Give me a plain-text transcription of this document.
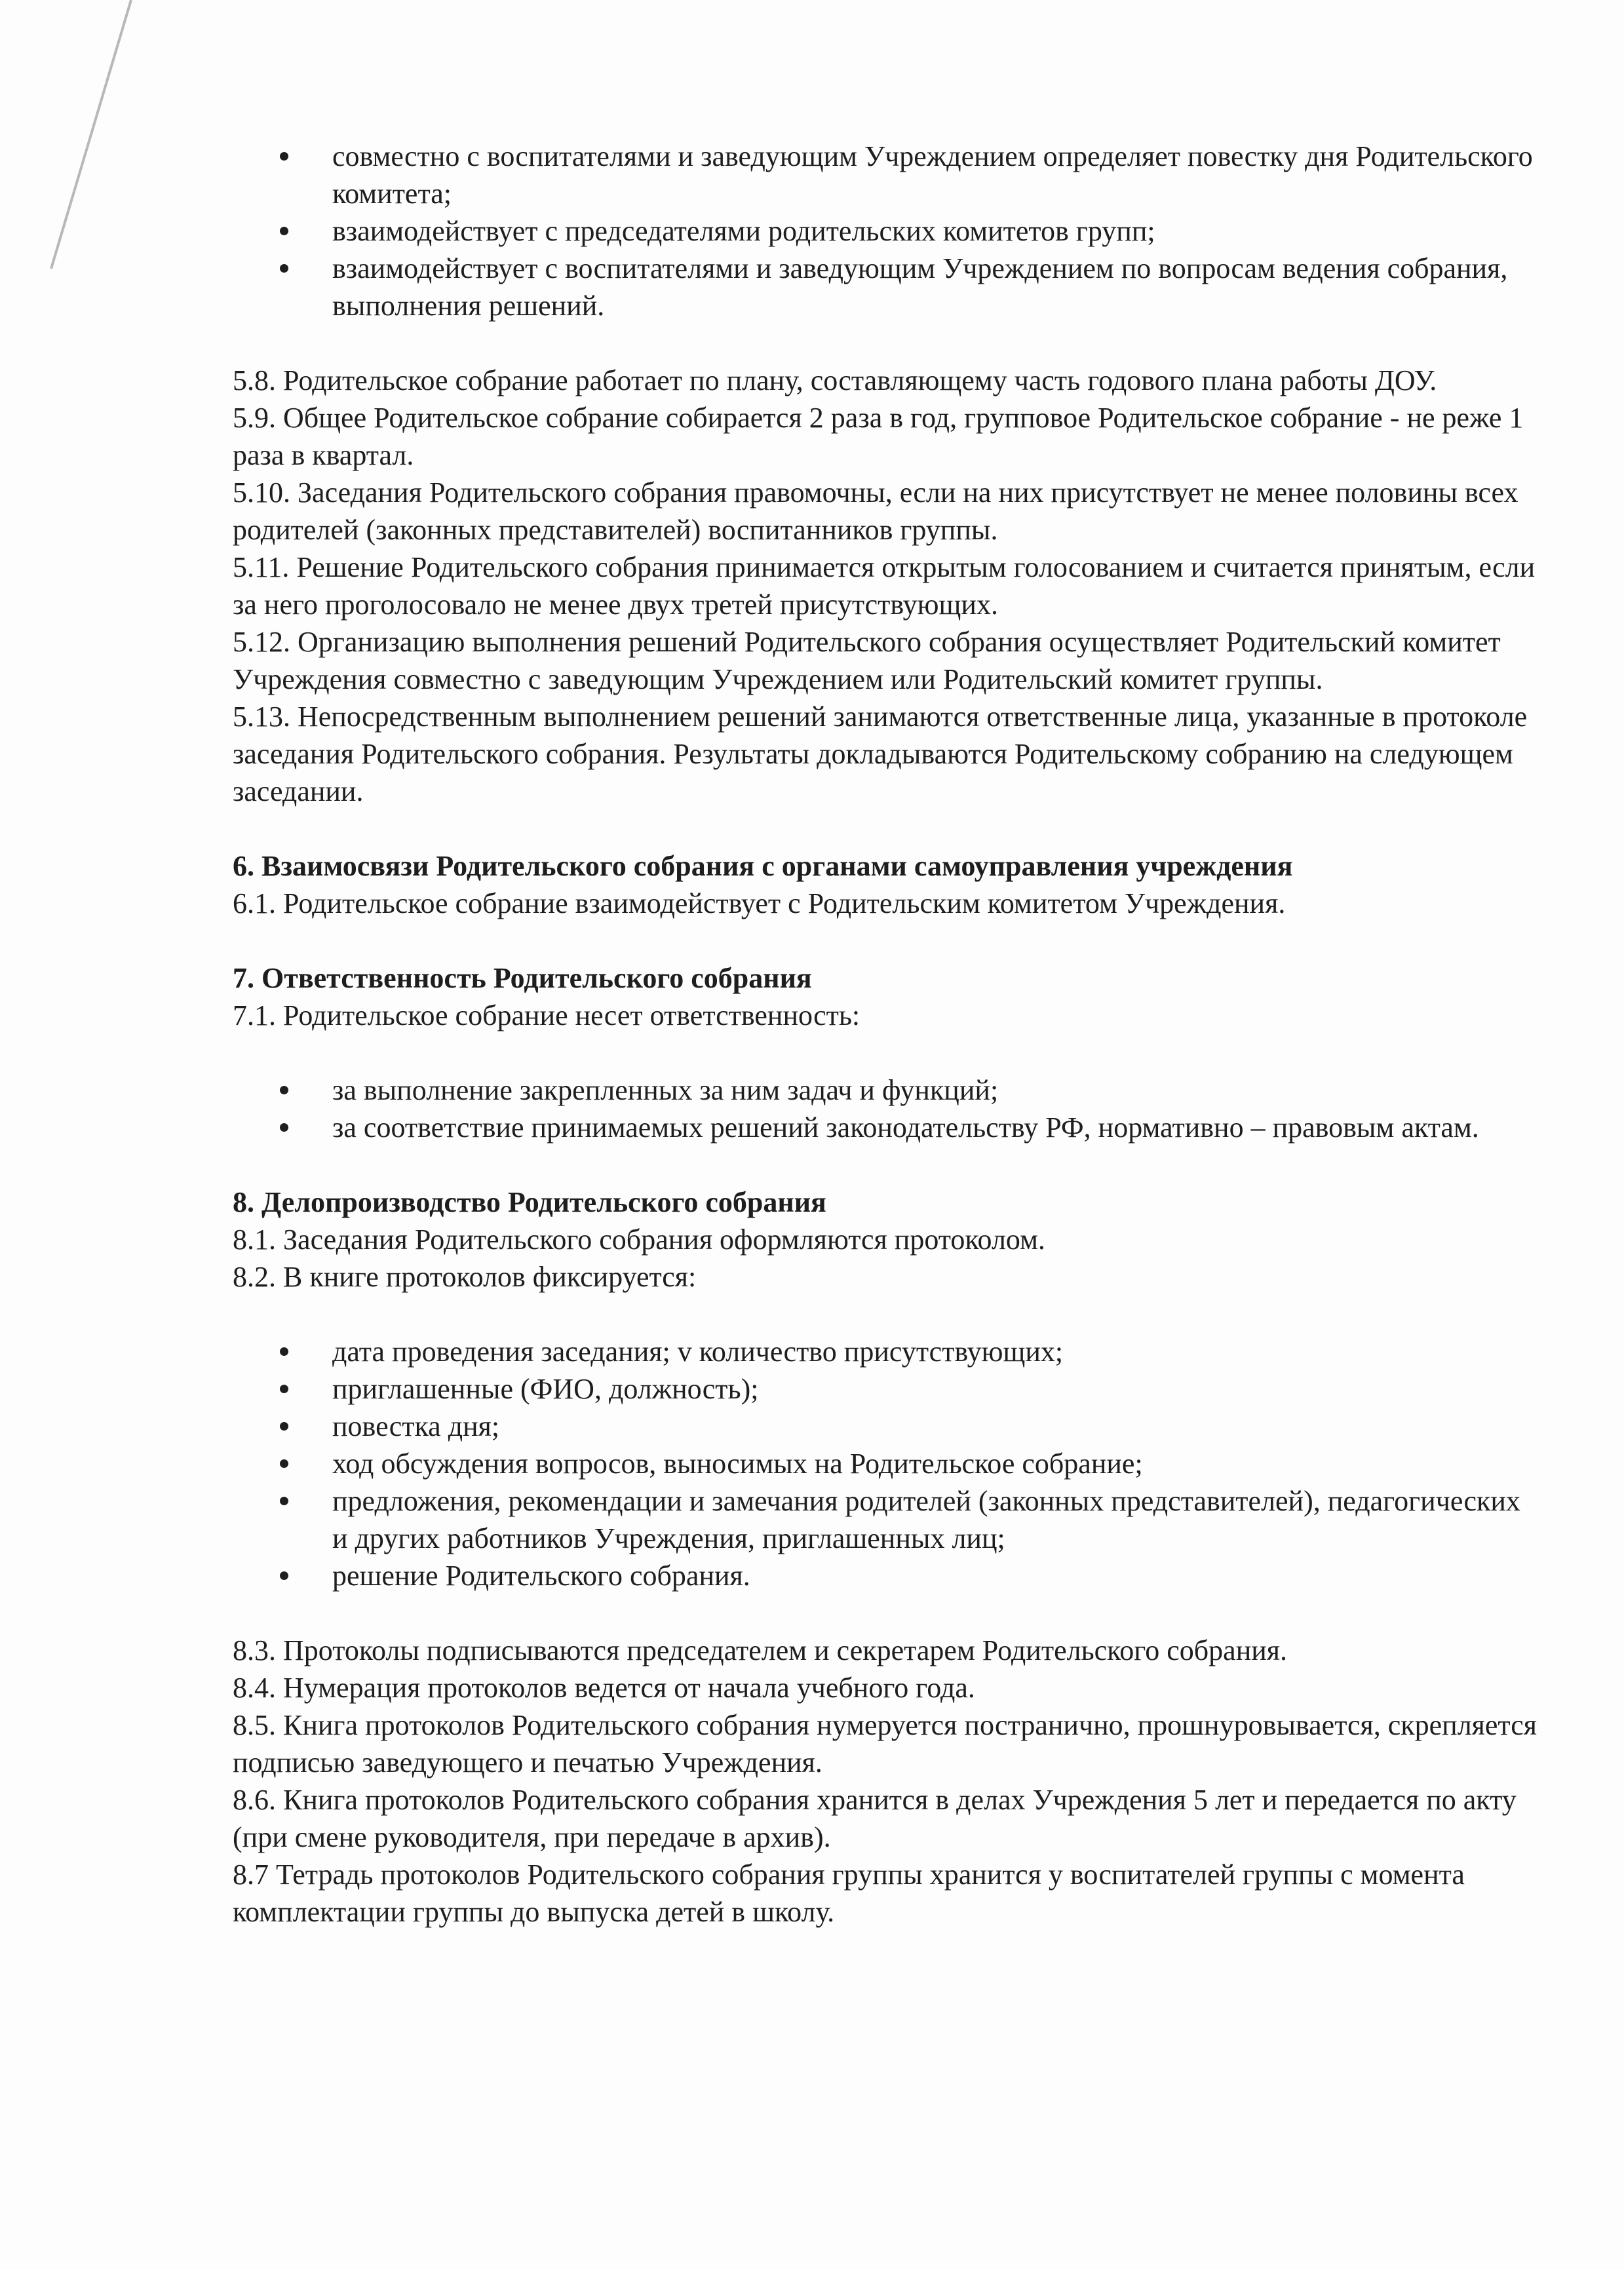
совместно с воспитателями и заведующим Учреждением определяет повестку дня Родительского комитета;
взаимодействует с председателями родительских комитетов групп;
взаимодействует с воспитателями и заведующим Учреждением по вопросам ведения собрания, выполнения решений.

5.8. Родительское собрание работает по плану, составляющему часть годового плана работы ДОУ.

5.9. Общее Родительское собрание собирается 2 раза в год, групповое Родительское собрание - не реже 1 раза в квартал.

5.10. Заседания Родительского собрания правомочны, если на них присутствует не менее половины всех родителей (законных представителей) воспитанников группы.

5.11. Решение Родительского собрания принимается открытым голосованием и считается принятым, если за него проголосовало не менее двух третей присутствующих.

5.12. Организацию выполнения решений Родительского собрания осуществляет Родительский комитет Учреждения совместно с заведующим Учреждением или Родительский комитет группы.

5.13. Непосредственным выполнением решений занимаются ответственные лица, указанные в протоколе заседания Родительского собрания. Результаты докладываются Родительскому собранию на следующем заседании.

6. Взаимосвязи Родительского собрания с органами самоуправления учреждения

6.1. Родительское собрание взаимодействует с Родительским комитетом Учреждения.

7. Ответственность Родительского собрания

7.1. Родительское собрание несет ответственность:

за выполнение закрепленных за ним задач и функций;
за соответствие принимаемых решений законодательству РФ, нормативно – правовым актам.

8. Делопроизводство Родительского собрания

8.1. Заседания Родительского собрания оформляются протоколом.

8.2. В книге протоколов фиксируется:

дата проведения заседания; v количество присутствующих;
приглашенные (ФИО, должность);
повестка дня;
ход обсуждения вопросов, выносимых на Родительское собрание;
предложения, рекомендации и замечания родителей (законных представителей), педагогических и других работников Учреждения, приглашенных лиц;
решение Родительского собрания.

8.3. Протоколы подписываются председателем и секретарем Родительского собрания.

8.4. Нумерация протоколов ведется от начала учебного года.

8.5. Книга протоколов Родительского собрания нумеруется постранично, прошнуровывается, скрепляется подписью заведующего и печатью Учреждения.

8.6. Книга протоколов Родительского собрания хранится в делах Учреждения 5 лет и передается по акту (при смене руководителя, при передаче в архив).

8.7 Тетрадь протоколов Родительского собрания группы хранится у воспитателей группы с момента комплектации группы до выпуска детей в школу.
